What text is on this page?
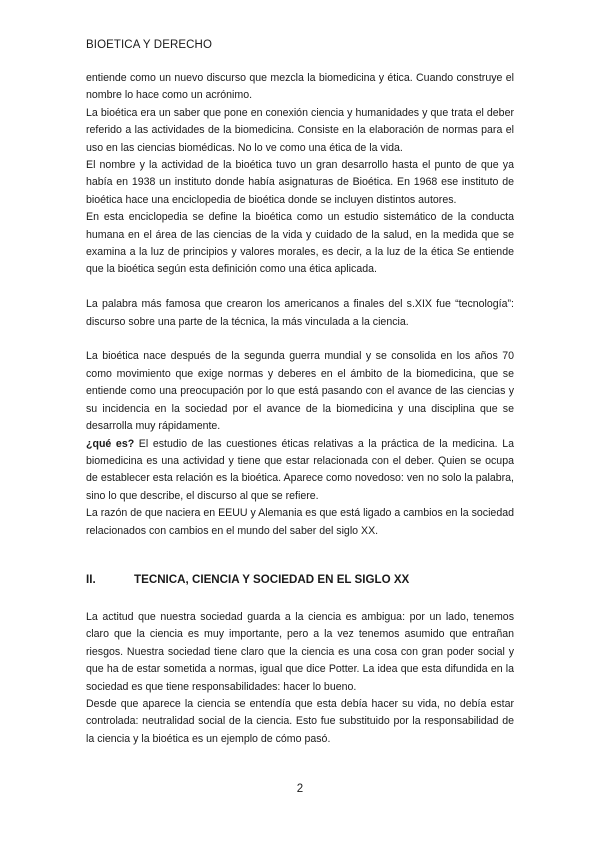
BIOETICA Y DERECHO

entiende como un nuevo discurso que mezcla la biomedicina y ética. Cuando construye el nombre lo hace como un acrónimo.

La bioética era un saber que pone en conexión ciencia y humanidades y que trata el deber referido a las actividades de la biomedicina. Consiste en la elaboración de normas para el uso en las ciencias biomédicas. No lo ve como una ética de la vida.

El nombre y la actividad de la bioética tuvo un gran desarrollo hasta el punto de que ya había en 1938 un instituto donde había asignaturas de Bioética. En 1968 ese instituto de bioética hace una enciclopedia de bioética donde se incluyen distintos autores.

En esta enciclopedia se define la bioética como un estudio sistemático de la conducta humana en el área de las ciencias de la vida y cuidado de la salud, en la medida que se examina a la luz de principios y valores morales, es decir, a la luz de la ética Se entiende que la bioética según esta definición como una ética aplicada.

La palabra más famosa que crearon los americanos a finales del s.XIX fue “tecnología”: discurso sobre una parte de la técnica, la más vinculada a la ciencia.

La bioética nace después de la segunda guerra mundial y se consolida en los años 70 como movimiento que exige normas y deberes en el ámbito de la biomedicina, que se entiende como una preocupación por lo que está pasando con el avance de las ciencias y su incidencia en la sociedad por el avance de la biomedicina y una disciplina que se desarrolla muy rápidamente.

¿qué es? El estudio de las cuestiones éticas relativas a la práctica de la medicina. La biomedicina es una actividad y tiene que estar relacionada con el deber. Quien se ocupa de establecer esta relación es la bioética. Aparece como novedoso: ven no solo la palabra, sino lo que describe, el discurso al que se refiere.

La razón de que naciera en EEUU y Alemania es que está ligado a cambios en la sociedad relacionados con cambios en el mundo del saber del siglo XX.

II.	TECNICA, CIENCIA Y SOCIEDAD EN EL SIGLO XX

La actitud que nuestra sociedad guarda a la ciencia es ambigua: por un lado, tenemos claro que la ciencia es muy importante, pero a la vez tenemos asumido que entrañan riesgos. Nuestra sociedad tiene claro que la ciencia es una cosa con gran poder social y que ha de estar sometida a normas, igual que dice Potter. La idea que esta difundida en la sociedad es que tiene responsabilidades: hacer lo bueno.

Desde que aparece la ciencia se entendía que esta debía hacer su vida, no debía estar controlada: neutralidad social de la ciencia. Esto fue substituido por la responsabilidad de la ciencia y la bioética es un ejemplo de cómo pasó.

2
